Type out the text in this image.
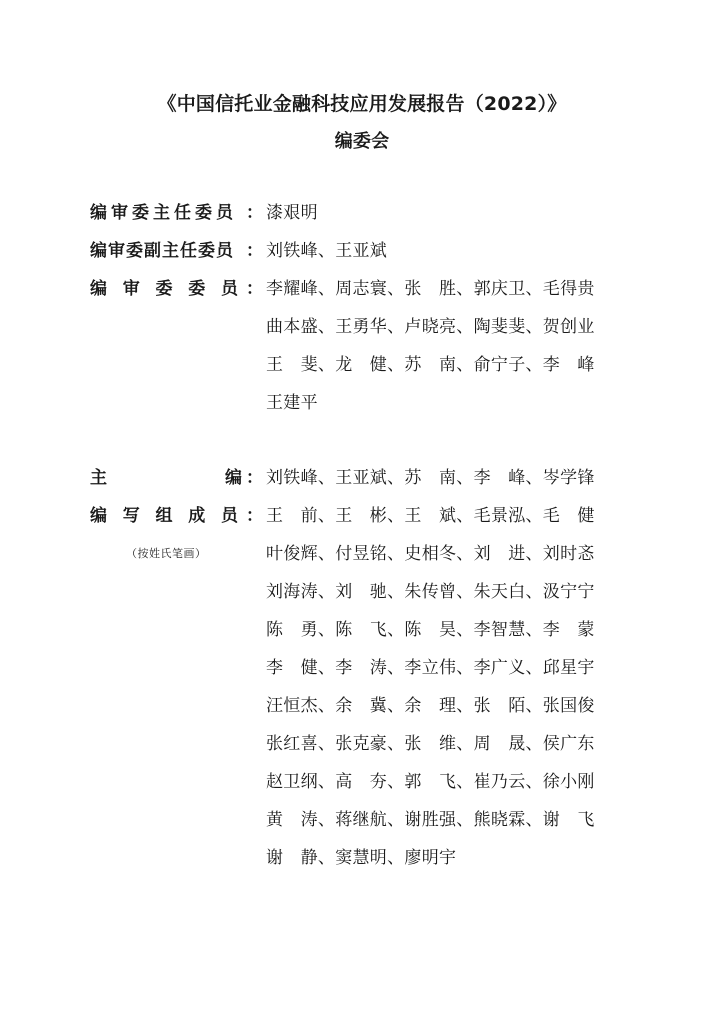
《中国信托业金融科技应用发展报告（2022）》
编委会
编审委主任委员 ： 漆艰明
编审委副主任委员 ： 刘铁峰、王亚斌
编 审 委 委 员 ： 李耀峰、周志寰、张　胜、郭庆卫、毛得贵
曲本盛、王勇华、卢晓亮、陶斐斐、贺创业
王　斐、龙　健、苏　南、俞宁子、李　峰
王建平
主	编 ： 刘铁峰、王亚斌、苏　南、李　峰、岑学锋
编 写 组 成 员 ： 王　前、王　彬、王　斌、毛景泓、毛　健
（按姓氏笔画）	叶俊辉、付昱铭、史相冬、刘　进、刘时忞
刘海涛、刘　驰、朱传曾、朱天白、汲宁宁
陈　勇、陈　飞、陈　昊、李智慧、李　蒙
李　健、李　涛、李立伟、李广义、邱星宇
汪恒杰、余　冀、余　理、张　陌、张国俊
张红喜、张克豪、张　维、周　晟、侯广东
赵卫纲、高　夯、郭　飞、崔乃云、徐小刚
黄　涛、蒋继航、谢胜强、熊晓霖、谢　飞
谢　静、窦慧明、廖明宇
